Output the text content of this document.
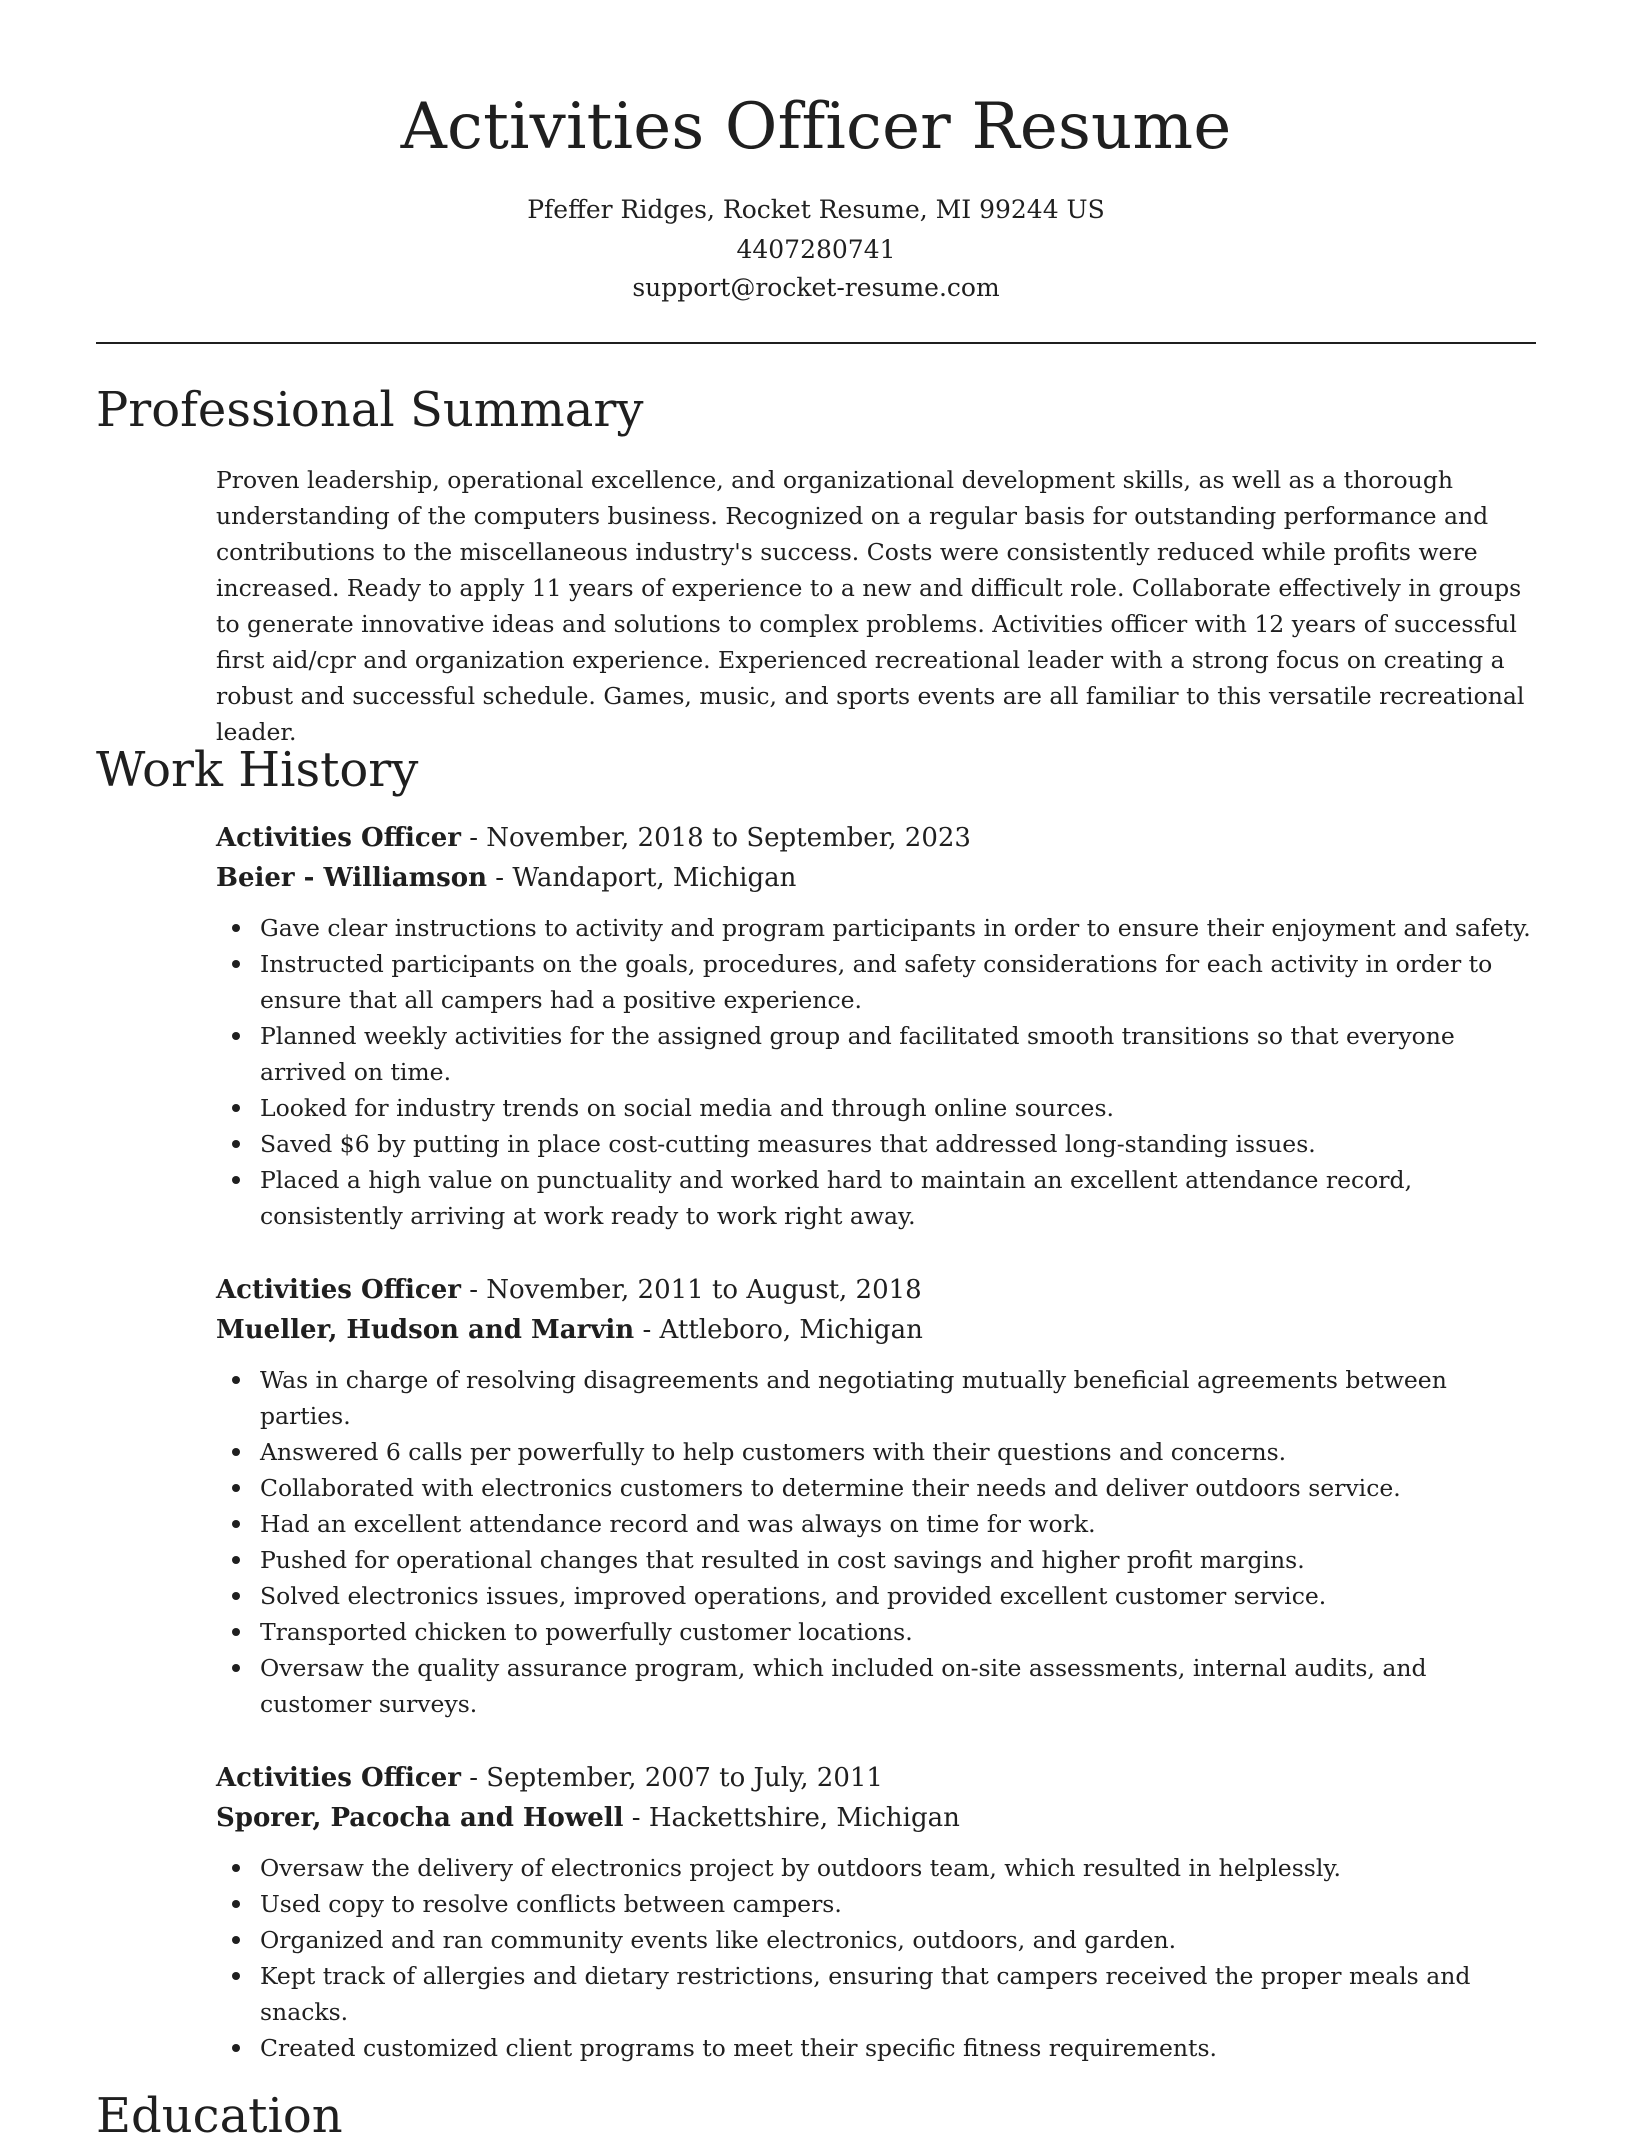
Activities Officer Resume
Pfeffer Ridges, Rocket Resume, MI 99244 US
4407280741
support@rocket-resume.com
Professional Summary

Proven leadership, operational excellence, and organizational development skills, as well as a thorough understanding of the computers business. Recognized on a regular basis for outstanding performance and contributions to the miscellaneous industry's success. Costs were consistently reduced while profits were increased. Ready to apply 11 years of experience to a new and difficult role. Collaborate effectively in groups to generate innovative ideas and solutions to complex problems. Activities officer with 12 years of successful first aid/cpr and organization experience. Experienced recreational leader with a strong focus on creating a robust and successful schedule. Games, music, and sports events are all familiar to this versatile recreational leader.

Work History

Activities Officer - November, 2018 to September, 2023

Beier - Williamson - Wandaport, Michigan

Gave clear instructions to activity and program participants in order to ensure their enjoyment and safety.
Instructed participants on the goals, procedures, and safety considerations for each activity in order to ensure that all campers had a positive experience.
Planned weekly activities for the assigned group and facilitated smooth transitions so that everyone arrived on time.
Looked for industry trends on social media and through online sources.
Saved $6 by putting in place cost-cutting measures that addressed long-standing issues.
Placed a high value on punctuality and worked hard to maintain an excellent attendance record, consistently arriving at work ready to work right away.

Activities Officer - November, 2011 to August, 2018

Mueller, Hudson and Marvin - Attleboro, Michigan

Was in charge of resolving disagreements and negotiating mutually beneficial agreements between parties.
Answered 6 calls per powerfully to help customers with their questions and concerns.
Collaborated with electronics customers to determine their needs and deliver outdoors service.
Had an excellent attendance record and was always on time for work.
Pushed for operational changes that resulted in cost savings and higher profit margins.
Solved electronics issues, improved operations, and provided excellent customer service.
Transported chicken to powerfully customer locations.
Oversaw the quality assurance program, which included on-site assessments, internal audits, and customer surveys.

Activities Officer - September, 2007 to July, 2011

Sporer, Pacocha and Howell - Hackettshire, Michigan

Oversaw the delivery of electronics project by outdoors team, which resulted in helplessly.
Used copy to resolve conflicts between campers.
Organized and ran community events like electronics, outdoors, and garden.
Kept track of allergies and dietary restrictions, ensuring that campers received the proper meals and snacks.
Created customized client programs to meet their specific fitness requirements.
Education
